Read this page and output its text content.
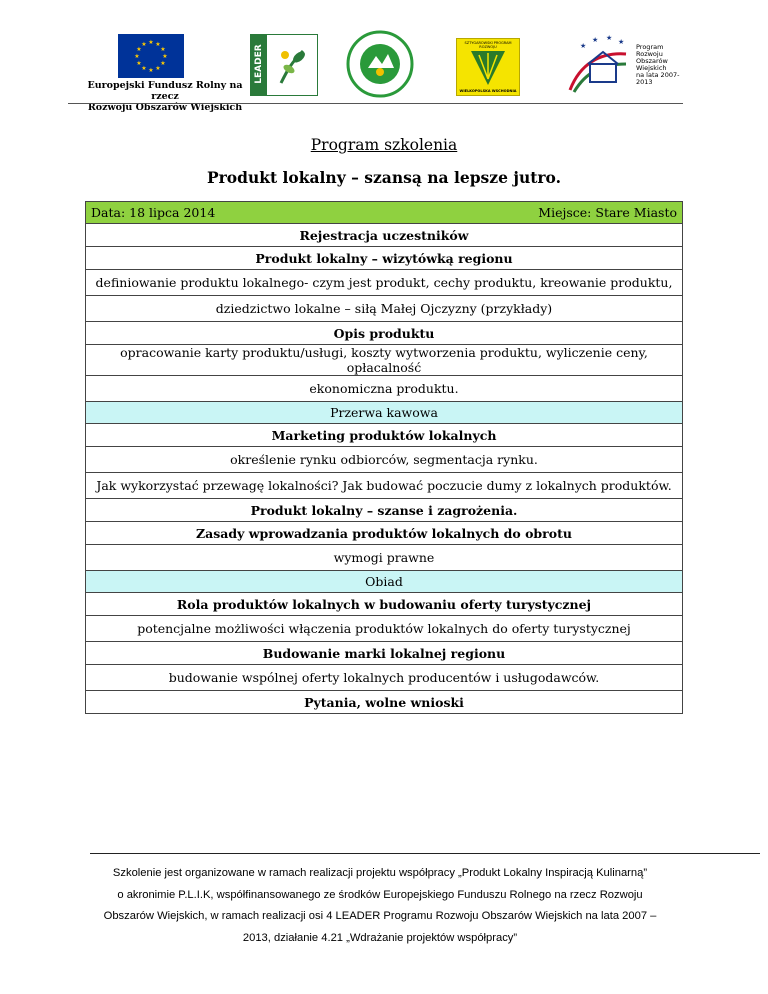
★ ★
★
★
★
★
★
★
★
★
★
★
Europejski Fundusz Rolny na rzecz
Rozwoju Obszarów Wiejskich
LEADER
SZTYGAROWSKI PROGRAM ROZWOJU
WIELKOPOLSKA WSCHODNIA
★
★ ★ ★
Program
Rozwoju
Obszarów
Wiejskich
na lata 2007-2013
Program szkolenia
Produkt lokalny – szansą na lepsze jutro.
Data: 18 lipca 2014	Miejsce: Stare Miasto

Rejestracja uczestników
Produkt lokalny – wizytówką regionu
definiowanie produktu lokalnego- czym jest produkt, cechy produktu, kreowanie produktu,
dziedzictwo lokalne – siłą Małej Ojczyzny (przykłady)
Opis produktu
opracowanie karty produktu/usługi, koszty wytworzenia produktu, wyliczenie ceny, opłacalność
ekonomiczna produktu.
Przerwa kawowa
Marketing produktów lokalnych
określenie rynku odbiorców, segmentacja rynku.
Jak wykorzystać przewagę lokalności? Jak budować poczucie dumy z lokalnych produktów.
Produkt lokalny – szanse i zagrożenia.
Zasady wprowadzania produktów lokalnych do obrotu
wymogi prawne
Obiad
Rola produktów lokalnych w budowaniu oferty turystycznej
potencjalne możliwości włączenia produktów lokalnych do oferty turystycznej
Budowanie marki lokalnej regionu
budowanie wspólnej oferty lokalnych producentów i usługodawców.
Pytania, wolne wnioski

Szkolenie jest organizowane w ramach realizacji projektu współpracy „Produkt Lokalny Inspiracją Kulinarną”

o akronimie P.L.I.K, współfinansowanego ze środków Europejskiego Funduszu Rolnego na rzecz Rozwoju

Obszarów Wiejskich, w ramach realizacji osi 4 LEADER Programu Rozwoju Obszarów Wiejskich na lata 2007 –

2013, działanie 4.21 „Wdrażanie projektów współpracy”
